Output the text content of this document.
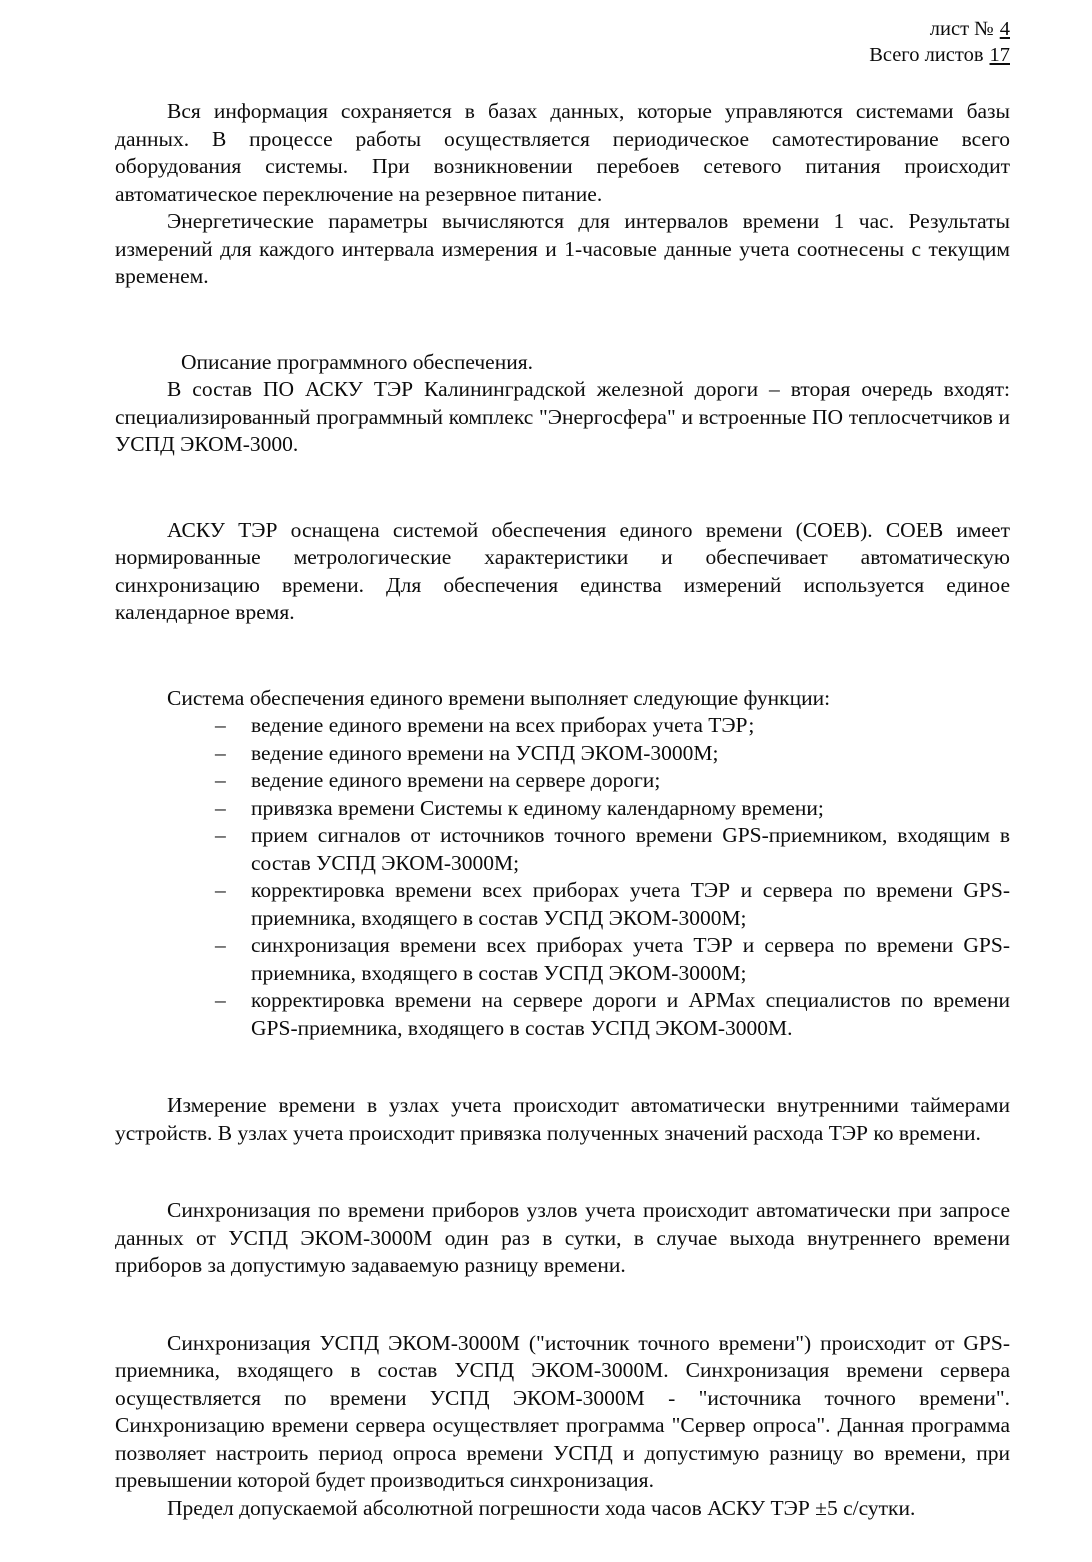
лист № 4
Всего листов 17

Вся информация сохраняется в базах данных, которые управляются системами базы данных. В процессе работы осуществляется периодическое самотестирование всего оборудования системы. При возникновении перебоев сетевого питания происходит автоматическое переключение на резервное питание.

Энергетические параметры вычисляются для интервалов времени 1 час. Результаты измерений для каждого интервала измерения и 1-часовые данные учета соотнесены с текущим временем.

Описание программного обеспечения.

В состав ПО АСКУ ТЭР Калининградской железной дороги – вторая очередь входят: специализированный программный комплекс "Энергосфера" и встроенные ПО теплосчетчиков и УСПД ЭКОМ-3000.

АСКУ ТЭР оснащена системой обеспечения единого времени (СОЕВ). СОЕВ имеет нормированные метрологические характеристики и обеспечивает автоматическую синхронизацию времени. Для обеспечения единства измерений используется единое календарное время.

Система обеспечения единого времени выполняет следующие функции:

–	ведение единого времени на всех приборах учета ТЭР;
–	ведение единого времени на УСПД ЭКОМ-3000М;
–	ведение единого времени на сервере дороги;
–	привязка времени Системы к единому календарному времени;
–	прием сигналов от источников точного времени GPS-приемником, входящим в состав УСПД ЭКОМ-3000М;
–	корректировка времени всех приборах учета ТЭР и сервера по времени GPS-приемника, входящего в состав УСПД ЭКОМ-3000М;
–	синхронизация времени всех приборах учета ТЭР и сервера по времени GPS-приемника, входящего в состав УСПД ЭКОМ-3000М;
–	корректировка времени на сервере дороги и АРМах специалистов по времени GPS-приемника, входящего в состав УСПД ЭКОМ-3000М.

Измерение времени в узлах учета происходит автоматически внутренними таймерами устройств. В узлах учета происходит привязка полученных значений расхода ТЭР ко времени.

Синхронизация по времени приборов узлов учета происходит автоматически при запросе данных от УСПД ЭКОМ-3000М один раз в сутки, в случае выхода внутреннего времени приборов за допустимую задаваемую разницу времени.

Синхронизация УСПД ЭКОМ-3000М ("источник точного времени") происходит от GPS-приемника, входящего в состав УСПД ЭКОМ-3000М. Синхронизация времени сервера осуществляется по времени УСПД ЭКОМ-3000М - "источника точного времени". Синхронизацию времени сервера осуществляет программа "Сервер опроса". Данная программа позволяет настроить период опроса времени УСПД и допустимую разницу во времени, при превышении которой будет производиться синхронизация.

Предел допускаемой абсолютной погрешности хода часов АСКУ ТЭР ±5 с/сутки.
